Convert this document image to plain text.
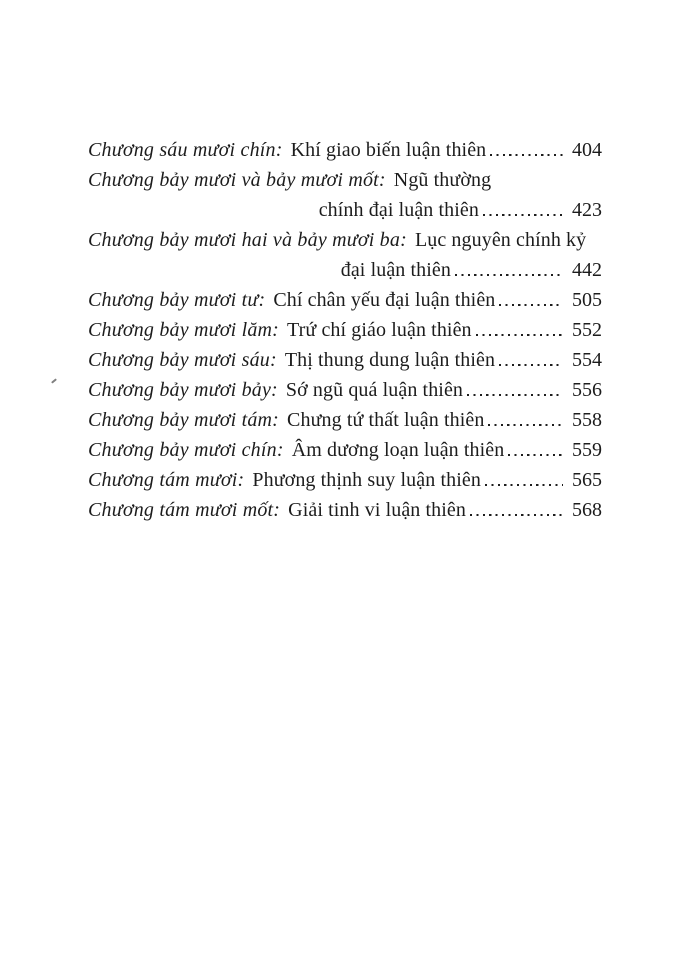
Chương sáu mươi chín: Khí giao biến luận thiên	404
Chương bảy mươi và bảy mươi mốt: Ngũ thường
chính đại luận thiên	423
Chương bảy mươi hai và bảy mươi ba: Lục nguyên chính kỷ
đại luận thiên	442
Chương bảy mươi tư: Chí chân yếu đại luận thiên	505
Chương bảy mươi lăm: Trứ chí giáo luận thiên	552
Chương bảy mươi sáu: Thị thung dung luận thiên	554
Chương bảy mươi bảy: Sớ ngũ quá luận thiên	556
Chương bảy mươi tám: Chưng tứ thất luận thiên	558
Chương bảy mươi chín: Âm dương loạn luận thiên	559
Chương tám mươi: Phương thịnh suy luận thiên	565
Chương tám mươi mốt: Giải tinh vi luận thiên	568
